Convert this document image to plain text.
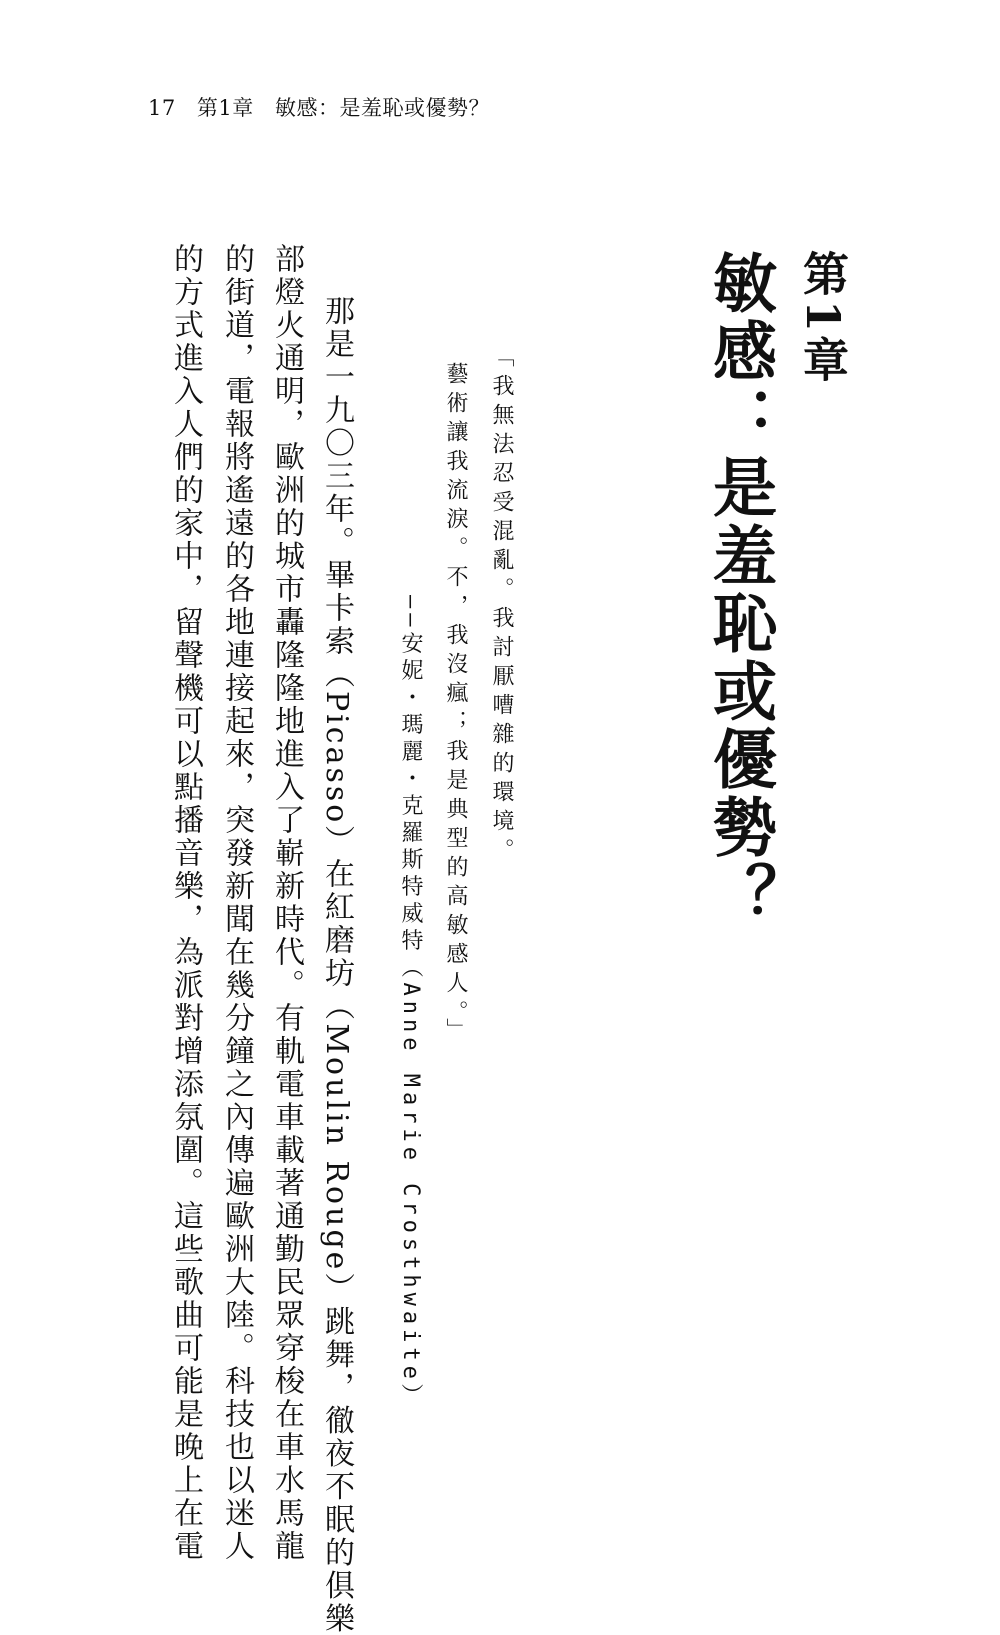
17 第1章 敏感：是羞恥或優勢？
第1章
敏感：是羞恥或優勢？
「我無法忍受混亂。我討厭嘈雜的環境。
藝術讓我流淚。不，我沒瘋；我是典型的高敏感人。」
——安妮・瑪麗・克羅斯特威特（Anne Marie Crosthwaite）
那是一九〇三年。畢卡索（Picasso）在紅磨坊（Moulin Rouge）跳舞，徹夜不眠的俱樂
部燈火通明，歐洲的城市轟隆隆地進入了嶄新時代。有軌電車載著通勤民眾穿梭在車水馬龍
的街道，電報將遙遠的各地連接起來，突發新聞在幾分鐘之內傳遍歐洲大陸。科技也以迷人
的方式進入人們的家中，留聲機可以點播音樂，為派對增添氛圍。這些歌曲可能是晚上在電
